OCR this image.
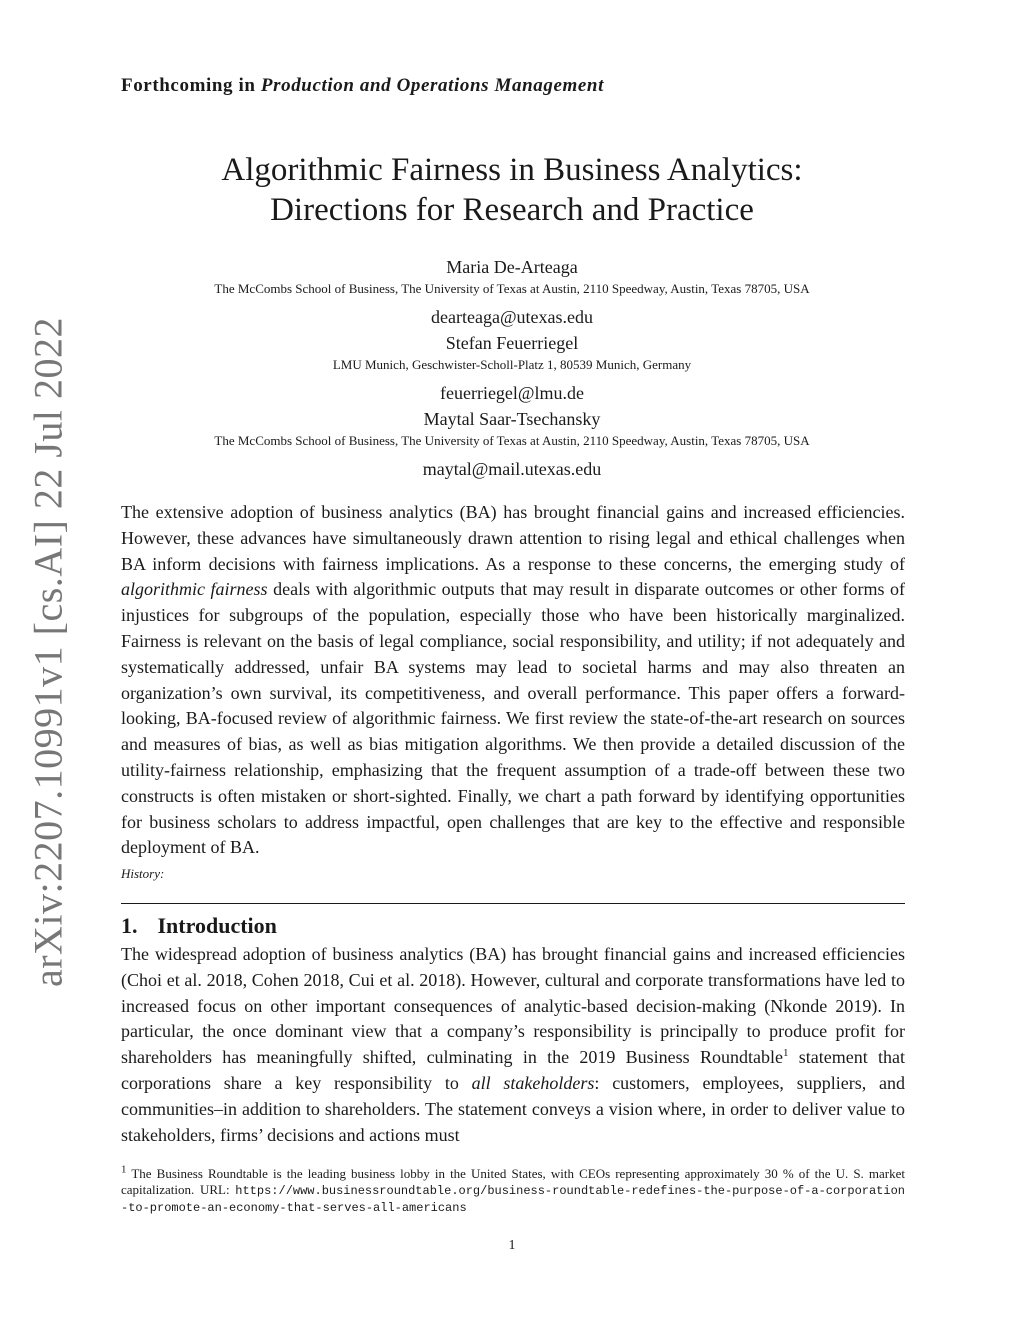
arXiv:2207.10991v1 [cs.AI] 22 Jul 2022
Forthcoming in Production and Operations Management
Algorithmic Fairness in Business Analytics:
Directions for Research and Practice
Maria De-Arteaga
The McCombs School of Business, The University of Texas at Austin, 2110 Speedway, Austin, Texas 78705, USA
dearteaga@utexas.edu
Stefan Feuerriegel
LMU Munich, Geschwister-Scholl-Platz 1, 80539 Munich, Germany
feuerriegel@lmu.de
Maytal Saar-Tsechansky
The McCombs School of Business, The University of Texas at Austin, 2110 Speedway, Austin, Texas 78705, USA
maytal@mail.utexas.edu
The extensive adoption of business analytics (BA) has brought financial gains and increased efficiencies. However, these advances have simultaneously drawn attention to rising legal and ethical challenges when BA inform decisions with fairness implications. As a response to these concerns, the emerging study of algorithmic fairness deals with algorithmic outputs that may result in disparate outcomes or other forms of injustices for subgroups of the population, especially those who have been historically marginalized. Fairness is relevant on the basis of legal compliance, social responsibility, and utility; if not adequately and systematically addressed, unfair BA systems may lead to societal harms and may also threaten an organization’s own survival, its competitiveness, and overall performance. This paper offers a forward-looking, BA-focused review of algorithmic fairness. We first review the state-of-the-art research on sources and measures of bias, as well as bias mitigation algorithms. We then provide a detailed discussion of the utility-fairness relationship, emphasizing that the frequent assumption of a trade-off between these two constructs is often mistaken or short-sighted. Finally, we chart a path forward by identifying opportunities for business scholars to address impactful, open challenges that are key to the effective and responsible deployment of BA.
History:
1. Introduction
The widespread adoption of business analytics (BA) has brought financial gains and increased efficiencies (Choi et al. 2018, Cohen 2018, Cui et al. 2018). However, cultural and corporate transformations have led to increased focus on other important consequences of analytic-based decision-making (Nkonde 2019). In particular, the once dominant view that a company’s responsibility is principally to produce profit for shareholders has meaningfully shifted, culminating in the 2019 Business Roundtable$^1$ statement that corporations share a key responsibility to all stakeholders: customers, employees, suppliers, and communities–in addition to shareholders. The statement conveys a vision where, in order to deliver value to stakeholders, firms’ decisions and actions must
$^1$ The Business Roundtable is the leading business lobby in the United States, with CEOs representing approximately 30 % of the U. S. market capitalization. URL: https://www.businessroundtable.org/business-roundtable-redefines-the-purpose-of-a-corporation-to-promote-an-economy-that-serves-all-americans
1
